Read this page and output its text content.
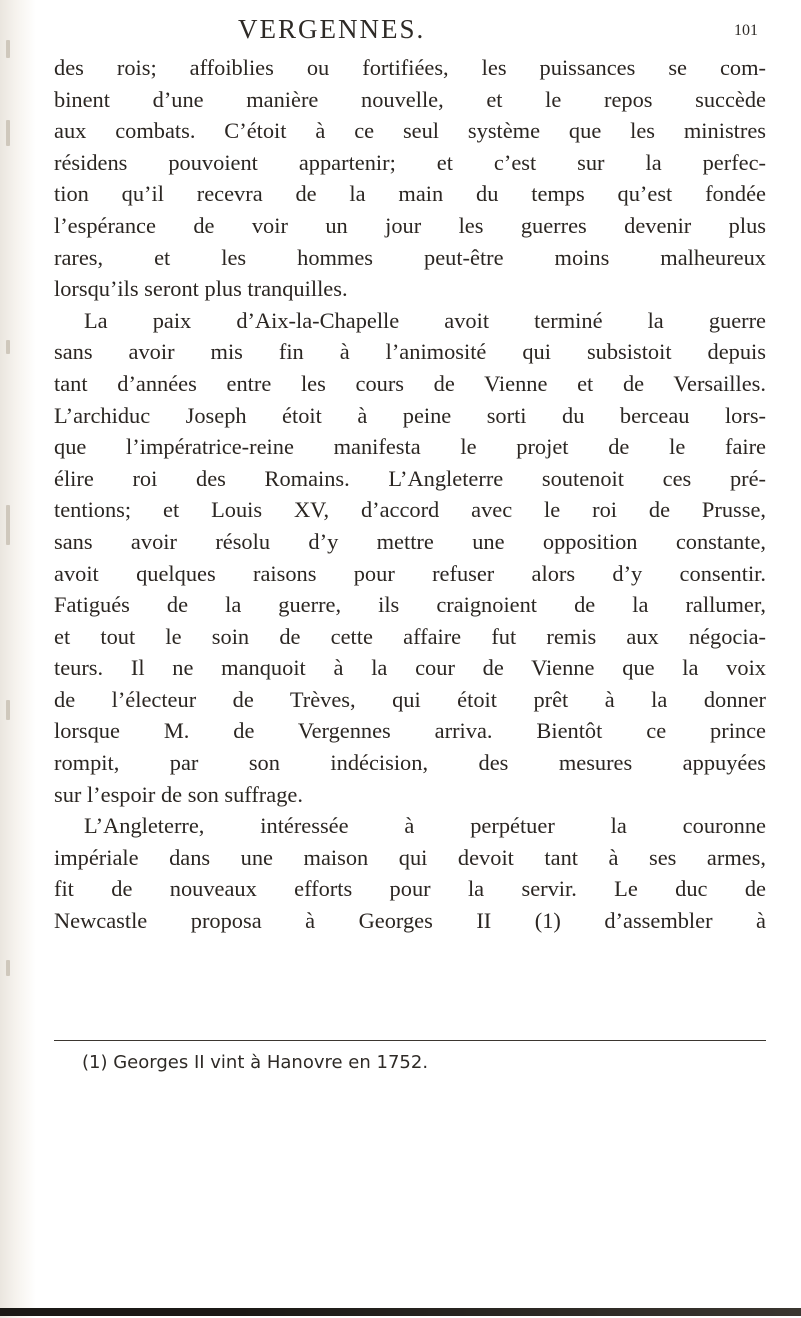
VERGENNES.	101
des rois; affoiblies ou fortifiées, les puissances se com-
binent d’une manière nouvelle, et le repos succède
aux combats. C’étoit à ce seul système que les ministres
résidens pouvoient appartenir; et c’est sur la perfec-
tion qu’il recevra de la main du temps qu’est fondée
l’espérance de voir un jour les guerres devenir plus
rares, et les hommes peut-être moins malheureux
lorsqu’ils seront plus tranquilles.
La paix d’Aix-la-Chapelle avoit terminé la guerre
sans avoir mis fin à l’animosité qui subsistoit depuis
tant d’années entre les cours de Vienne et de Versailles.
L’archiduc Joseph étoit à peine sorti du berceau lors-
que l’impératrice-reine manifesta le projet de le faire
élire roi des Romains. L’Angleterre soutenoit ces pré-
tentions; et Louis XV, d’accord avec le roi de Prusse,
sans avoir résolu d’y mettre une opposition constante,
avoit quelques raisons pour refuser alors d’y consentir.
Fatigués de la guerre, ils craignoient de la rallumer,
et tout le soin de cette affaire fut remis aux négocia-
teurs. Il ne manquoit à la cour de Vienne que la voix
de l’électeur de Trèves, qui étoit prêt à la donner
lorsque M. de Vergennes arriva. Bientôt ce prince
rompit, par son indécision, des mesures appuyées
sur l’espoir de son suffrage.
L’Angleterre, intéressée à perpétuer la couronne
impériale dans une maison qui devoit tant à ses armes,
fit de nouveaux efforts pour la servir. Le duc de
Newcastle proposa à Georges II (1) d’assembler à
(1) Georges II vint à Hanovre en 1752.
